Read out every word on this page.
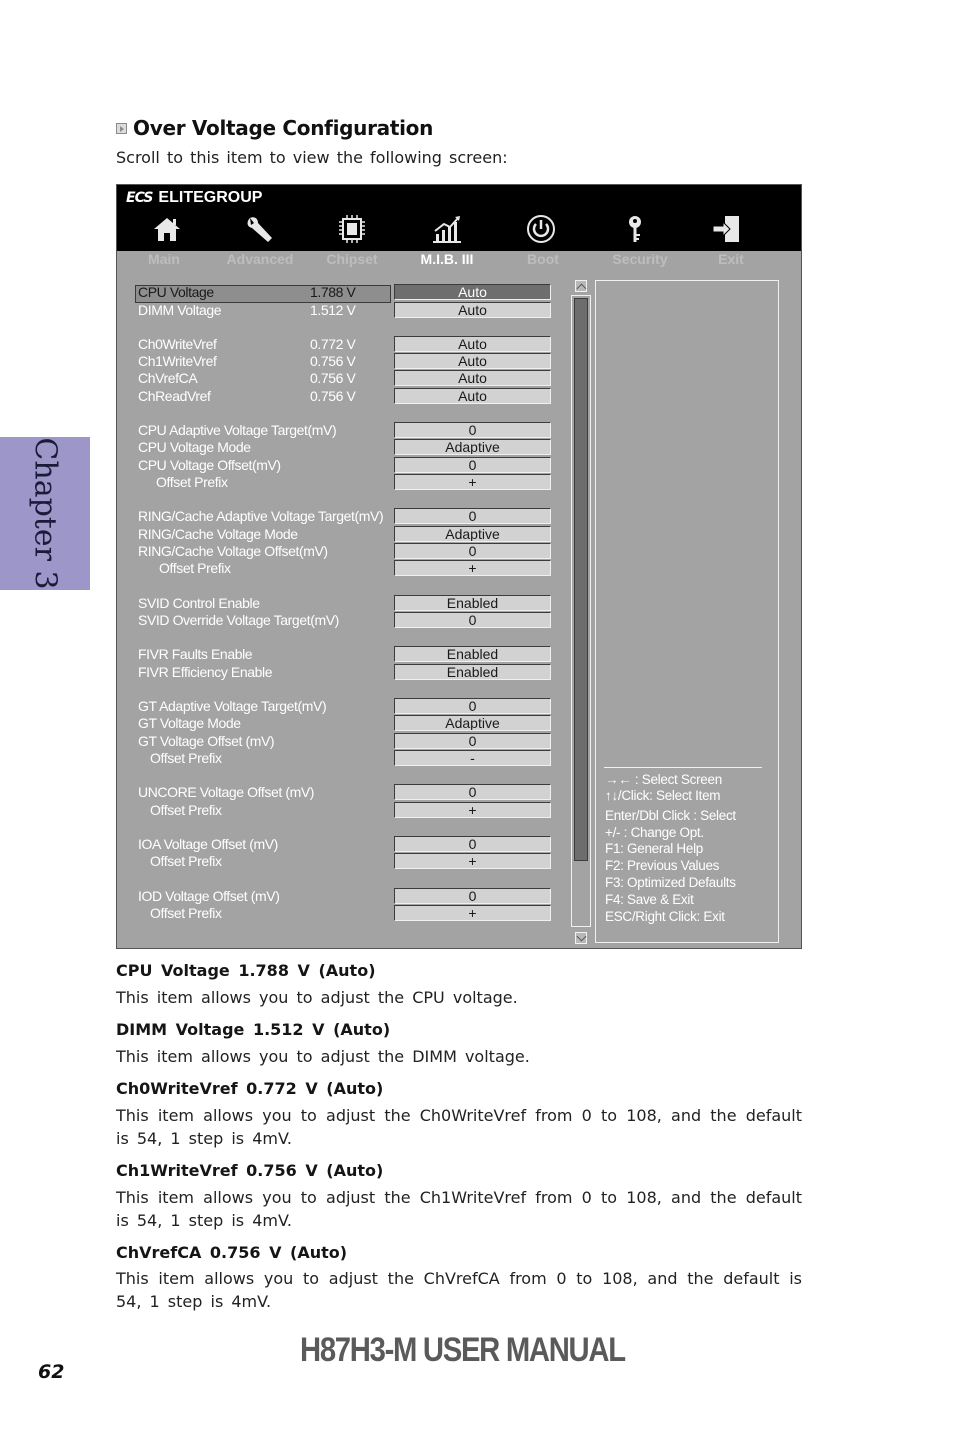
Over Voltage Configuration
Scroll to this item to view the following screen:
Chapter 3
ECS ELITEGROUP
Main	Advanced Chipset	M.I.B. III	Boot	Security	Exit
CPU Voltage	1.788 V	Auto
DIMM Voltage	1.512 V	Auto
Ch0WriteVref	0.772 V	Auto
Ch1WriteVref	0.756 V	Auto
ChVrefCA	0.756 V	Auto
ChReadVref	0.756 V	Auto
CPU Adaptive Voltage Target(mV)	0
CPU Voltage Mode	Adaptive
CPU Voltage Offset(mV)	0
Offset Prefix	+
RING/Cache Adaptive Voltage Target(mV)	0
RING/Cache Voltage Mode	Adaptive
RING/Cache Voltage Offset(mV)	0
Offset Prefix	+
SVID Control Enable	Enabled
SVID Override Voltage Target(mV)	0
FIVR Faults Enable	Enabled
FIVR Efficiency Enable	Enabled
GT Adaptive Voltage Target(mV)	0
GT Voltage Mode	Adaptive
GT Voltage Offset (mV)	0
Offset Prefix	-
UNCORE Voltage Offset (mV)	0
Offset Prefix	+
IOA Voltage Offset (mV)	0
Offset Prefix	+
IOD Voltage Offset (mV)	0
Offset Prefix	+
→← : Select Screen
↑↓/Click: Select Item
Enter/Dbl Click : Select
+/- : Change Opt.
F1: General Help
F2: Previous Values
F3: Optimized Defaults
F4: Save & Exit
ESC/Right Click: Exit
CPU Voltage 1.788 V (Auto)
This item allows you to adjust the CPU voltage.
DIMM Voltage 1.512 V (Auto)
This item allows you to adjust the DIMM voltage.
Ch0WriteVref 0.772 V (Auto)
This item allows you to adjust the Ch0WriteVref from 0 to 108, and the default is 54, 1 step is 4mV.
Ch1WriteVref 0.756 V (Auto)
This item allows you to adjust the Ch1WriteVref from 0 to 108, and the default is 54, 1 step is 4mV.
ChVrefCA 0.756 V (Auto)
This item allows you to adjust the ChVrefCA from 0 to 108, and the default is 54, 1 step is 4mV.
62
H87H3-M USER MANUAL
